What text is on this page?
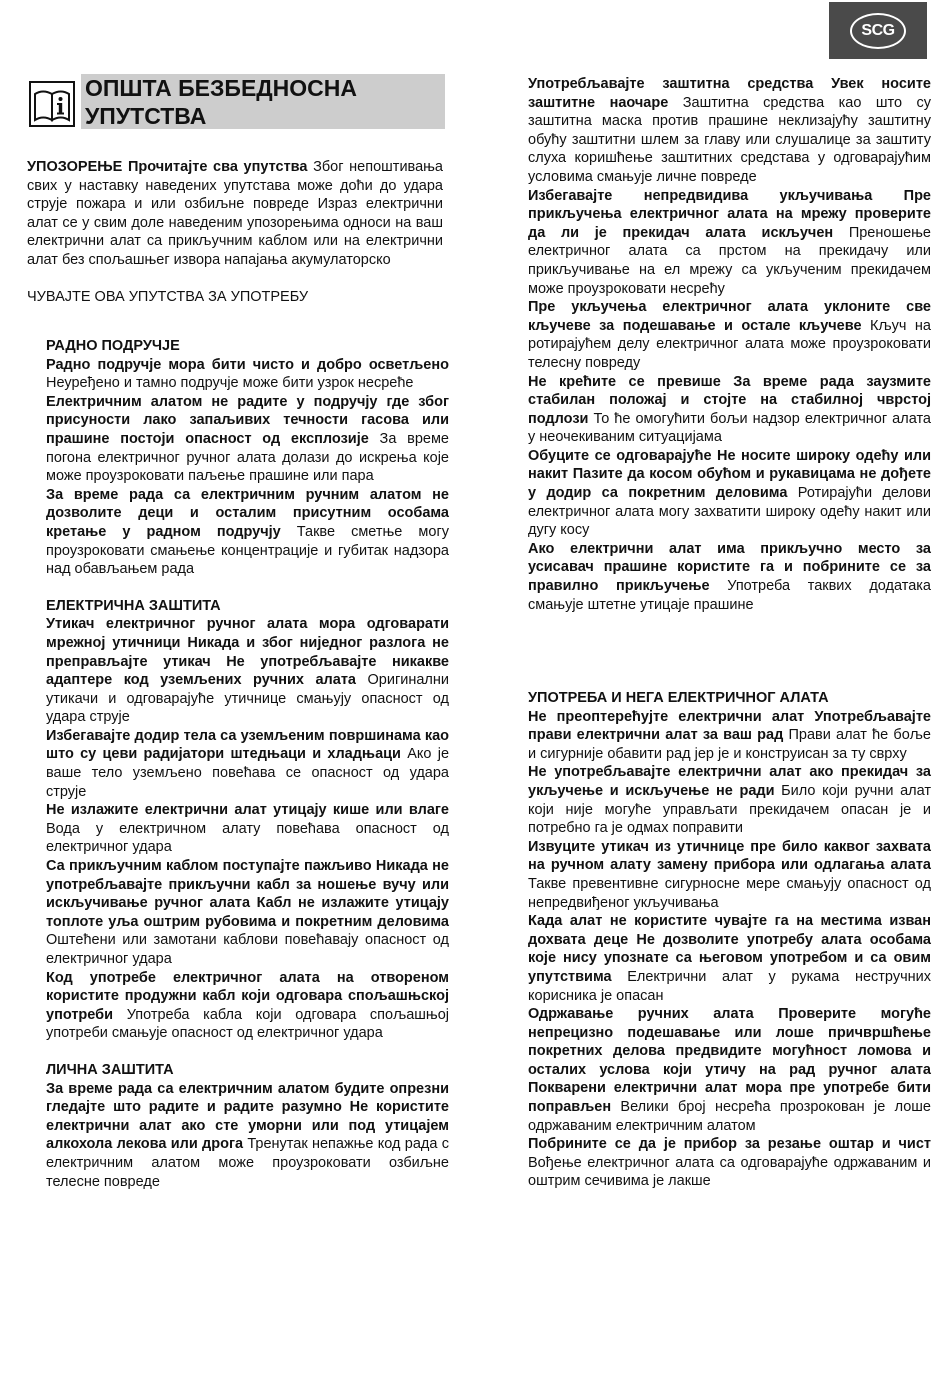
SCG
ОПШТА БЕЗБЕДНОСНА
УПУТСТВА

УПОЗОРЕЊЕ Прочитајте сва упутства Због непоштивања свих у наставку наведених упутстава може доћи до удара струје пожара и или озбиљне повреде Израз електрични алат се у свим доле наведеним упозорењима односи на ваш електрични алат са прикључним каблом или на електрични алат без спољашњег извора напајања акумулаторско

ЧУВАЈТЕ ОВА УПУТСТВА ЗА УПОТРЕБУ

РАДНО ПОДРУЧЈЕ

Радно подручје мора бити чисто и добро осветљено Неуређено и тамно подручје може бити узрок несреће

Електричним алатом не радите у подручју где због присуности лако запаљивих течности гасова или прашине постоји опасност од експлозије За време погона електричног ручног алата долази до искрења које може проузроковати паљење прашине или пара

За време рада са електричним ручним алатом не дозволите деци и осталим присутним особама кретање у радном подручју Такве сметње могу проузроковати смањење концентрације и губитак надзора над обављањем рада

ЕЛЕКТРИЧНА ЗАШТИТА

Утикач електричног ручног алата мора одговарати мрежној утичници Никада и због ниједног разлога не преправљајте утикач Не употребљавајте никакве адаптере код уземљених ручних алата Оригинални утикачи и одговарајуће утичнице смањују опасност од удара струје

Избегавајте додир тела са уземљеним површинама као што су цеви радијатори штедњаци и хладњаци Ако је ваше тело уземљено повећава се опасност од удара струје

Не излажите електрични алат утицају кише или влаге Вода у електричном алату повећава опасност од електричног удара

Са прикључним каблом поступајте пажљиво Никада не употребљавајте прикључни кабл за ношење вучу или искључивање ручног алата Кабл не излажите утицају топлоте уља оштрим рубовима и покретним деловима Оштећени или замотани каблови повећавају опасност од електричног удара

Код употребе електричног алата на отвореном користите продужни кабл који одговара спољашњској употреби Употреба кабла који одговара спољашњој употреби смањује опасност од електричног удара

ЛИЧНА ЗАШТИТА

За време рада са електричним алатом будите опрезни гледајте што радите и радите разумно Не користите електрични алат ако сте уморни или под утицајем алкохола лекова или дрога Тренутак непажње код рада с електричним алатом може проузроковати озбиљне телесне повреде

Употребљавајте заштитна средства Увек носите заштитне наочаре Заштитна средства као што су заштитна маска против прашине неклизајућу заштитну обућу заштитни шлем за главу или слушалице за заштиту слуха коришћење заштитних средстава у одговарајућим условима смањује личне повреде

Избегавајте непредвидива укључивања Пре прикључења електричног алата на мрежу проверите да ли је прекидач алата искључен Преношење електричног алата са прстом на прекидачу или прикључивање на ел мрежу са укљученим прекидачем може проузроковати несрећу

Пре укључења електричног алата уклоните све кључеве за подешавање и остале кључеве Кључ на ротирајућем делу електричног алата може проузроковати телесну повреду

Не крећите се превише За време рада заузмите стабилан положај и стојте на стабилној чврстој подлози То ће омогућити бољи надзор електричног алата у неочекиваним ситуацијама

Обуците се одговарајуће Не носите широку одећу или накит Пазите да косом обућом и рукавицама не дођете у додир са покретним деловима Ротирајући делови електричног алата могу захватити широку одећу накит или дугу косу

Ако електрични алат има прикључно место за усисавач прашине користите га и побрините се за правилно прикључење Употреба таквих додатака смањује штетне утицаје прашине

УПОТРЕБА И НЕГА ЕЛЕКТРИЧНОГ АЛАТА

Не преоптерећујте електрични алат Употребљавајте прави електрични алат за ваш рад Прави алат ће боље и сигурније обавити рад јер је и конструисан за ту сврху

Не употребљавајте електрични алат ако прекидач за укључење и искључење не ради Било који ручни алат који није могуће управљати прекидачем опасан је и потребно га је одмах поправити

Извуците утикач из утичнице пре било каквог захвата на ручном алату замену прибора или одлагања алата Такве превентивне сигурносне мере смањују опасност од непредвиђеног укључивања

Када алат не користите чувајте га на местима изван дохвата деце Не дозволите употребу алата особама које нису упознате са његовом употребом и са овим упутствима Електрични алат у рукама нестручних корисника је опасан

Одржавање ручних алата Проверите могуће непрецизно подешавање или лоше причвршћење покретних делова предвидите могућност ломова и осталих услова који утичу на рад ручног алата Покварени електрични алат мора пре употребе бити поправљен Велики број несрећа прозрокован је лоше одржаваним електричним алатом

Побрините се да је прибор за резање оштар и чист Вођење електричног алата са одговарајуће одржаваним и оштрим сечивима је лакше
